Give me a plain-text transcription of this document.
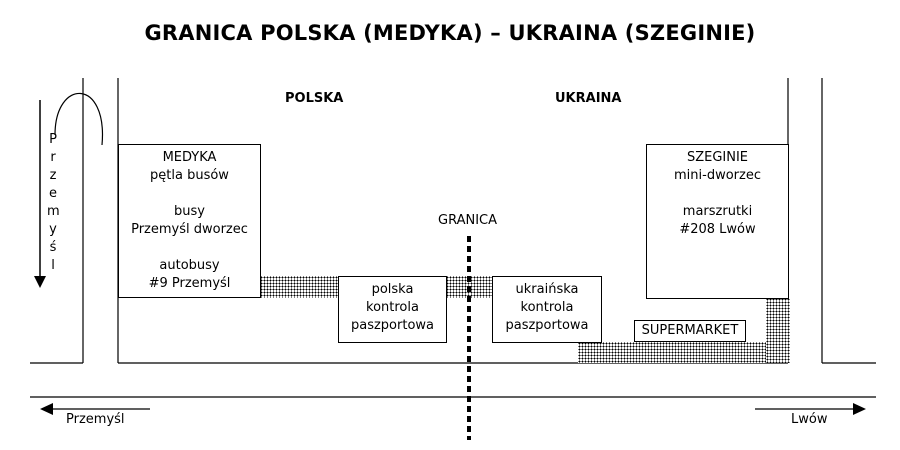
GRANICA POLSKA (MEDYKA) – UKRAINA (SZEGINIE)
POLSKA	UKRAINA
MEDYKA
pętla busów
busy
Przemyśl dworzec
autobusy
#9 Przemyśl
SZEGINIE
mini-dworzec
marszrutki
#208 Lwów
polska
kontrola
paszportowa
ukraińska
kontrola
paszportowa	SUPERMARKET
GRANICA
P
r
z
e
m
y
ś
l
Przemyśl	Lwów
